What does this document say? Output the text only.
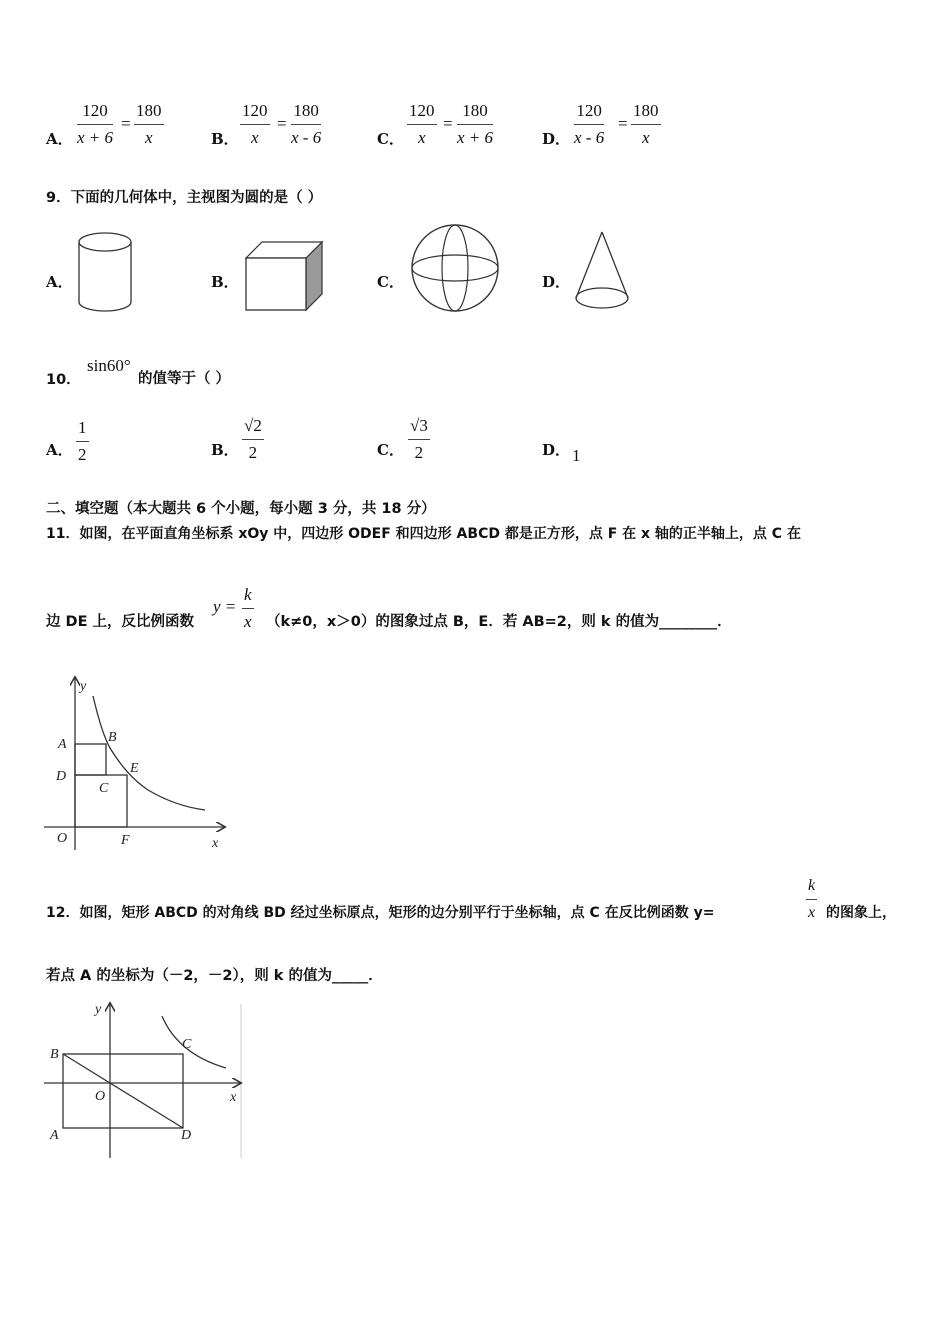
A．
120
x + 6
=
180
x	B．
120
x
=
180
x - 6	C．
120
x
=
180
x + 6	D．
120
x - 6
=
180
x
9．下面的几何体中，主视图为圆的是（ ）
A．	B．	C．	D．
10．
sin60°
的值等于（ ）
A．
1
2	B．
√2
2	C．
√3
2	D． 1
二、填空题（本大题共 6 个小题，每小题 3 分，共 18 分）
11．如图，在平面直角坐标系 xOy 中，四边形 ODEF 和四边形 ABCD 都是正方形，点 F 在 x 轴的正半轴上，点 C 在
边 DE 上，反比例函数
y =
k
x （k≠0，x＞0）的图象过点 B，E．若 AB=2，则 k 的值为________．
y
x
O
A	B
C
D
E
F
12．如图，矩形 ABCD 的对角线 BD 经过坐标原点，矩形的边分别平行于坐标轴，点 C 在反比例函数 y=
k
x 的图象上，
若点 A 的坐标为（－2，－2），则 k 的值为_____．
y
x
O
A
B
C
D
